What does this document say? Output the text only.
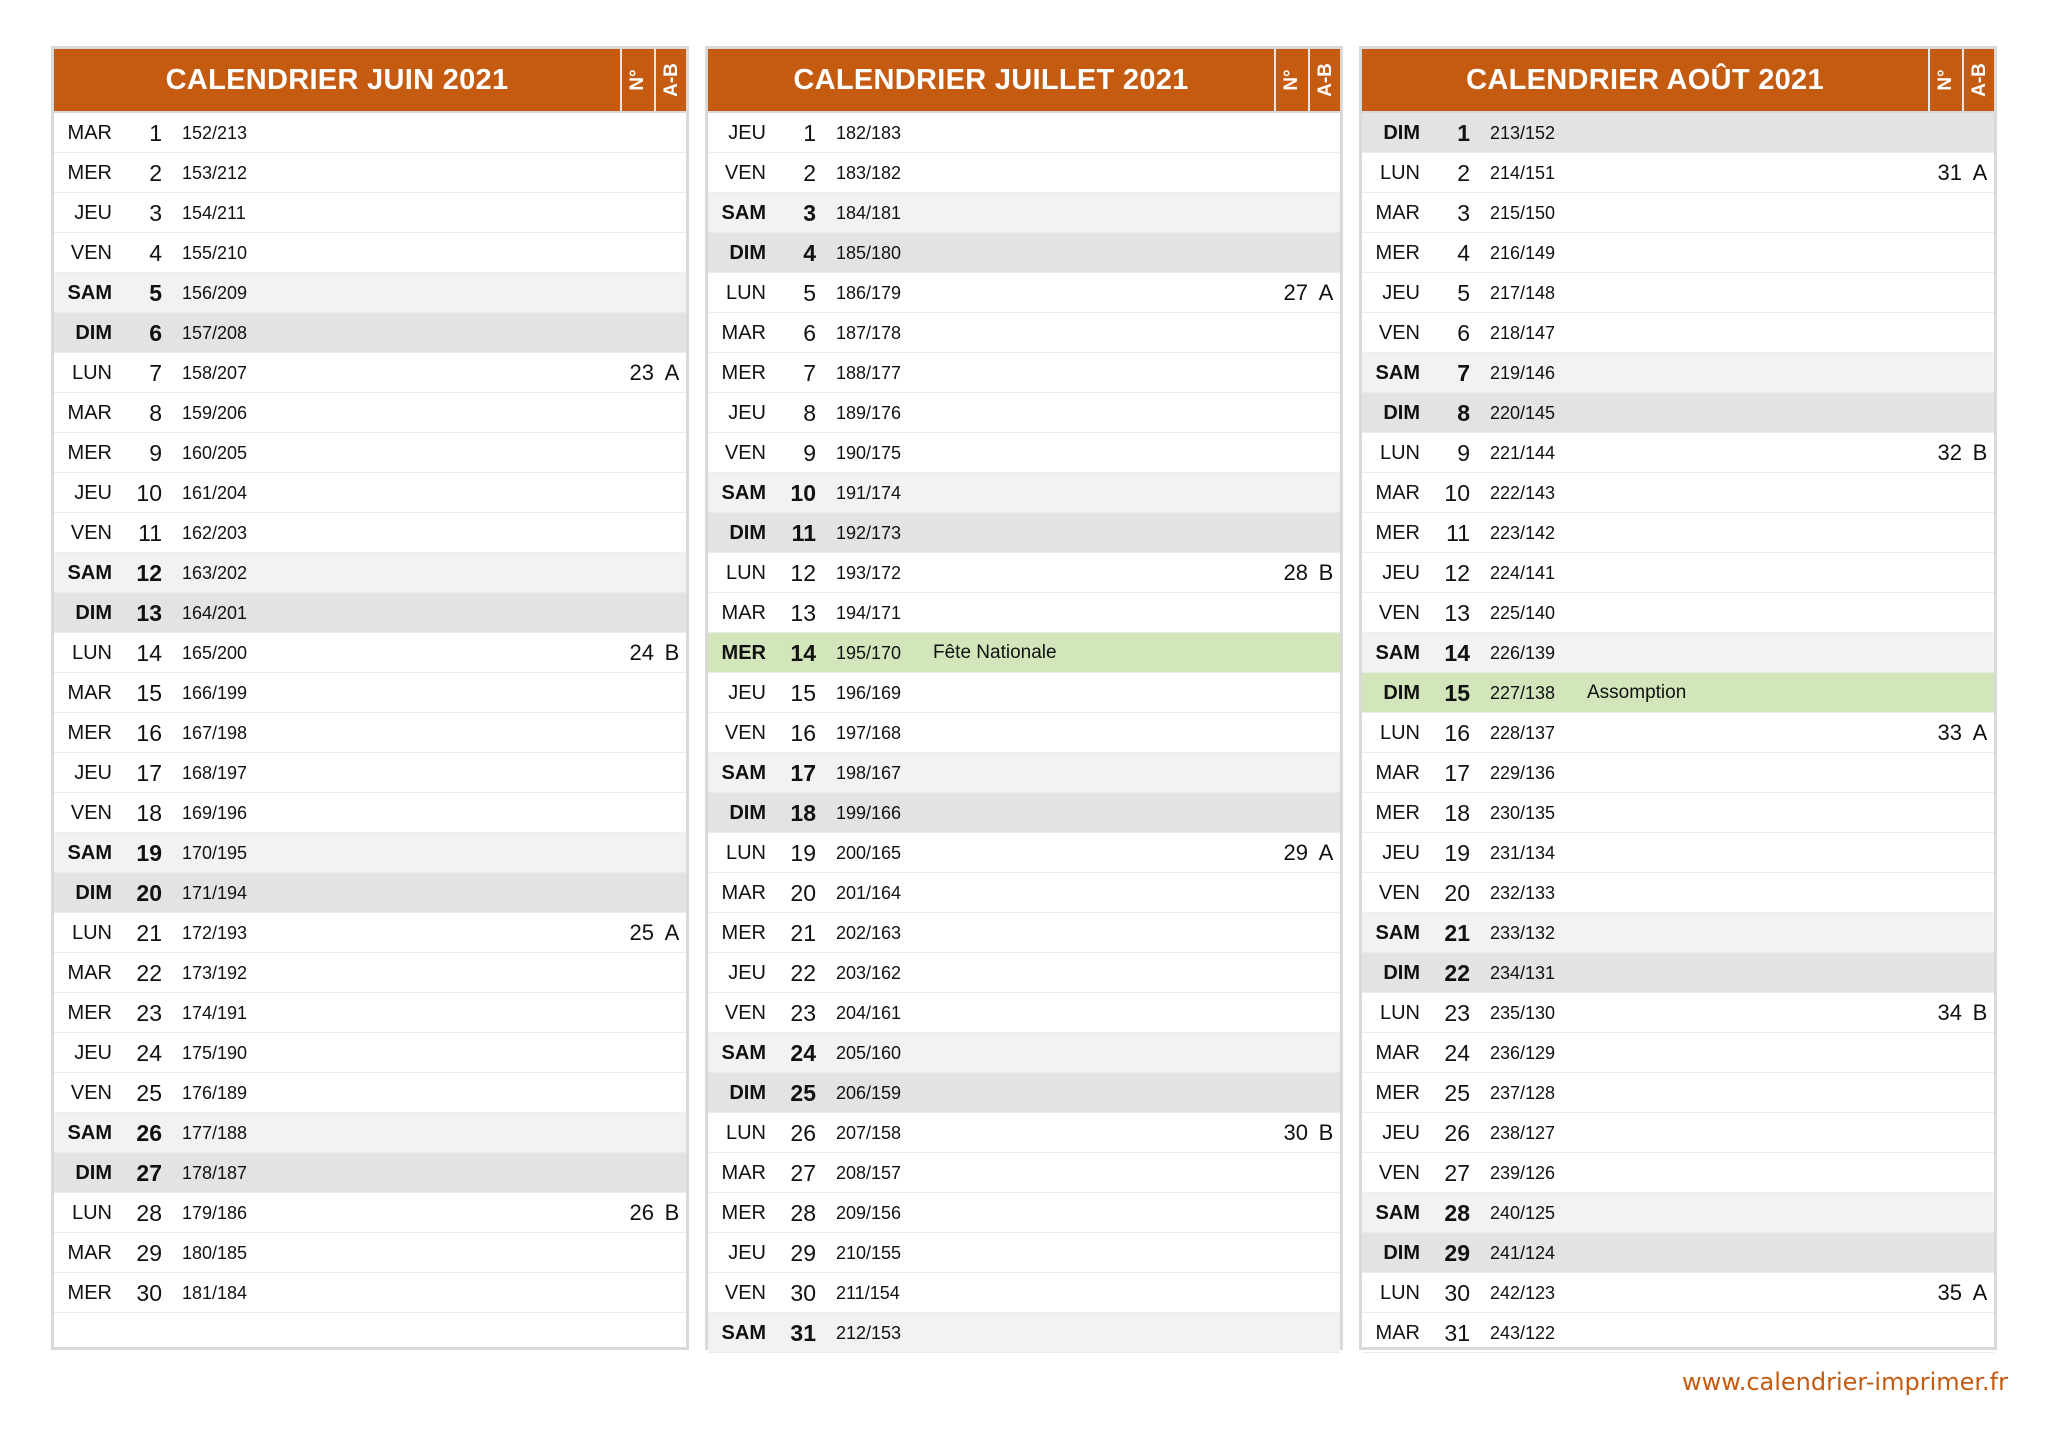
CALENDRIER JUIN 2021	N° A-B
MAR	1 152/213
MER	2 153/212
JEU	3 154/211
VEN	4 155/210
SAM	5 156/209
DIM	6 157/208
LUN	7 158/207	23 A
MAR	8 159/206
MER	9 160/205
JEU	10 161/204
VEN	11 162/203
SAM	12 163/202
DIM	13 164/201
LUN	14 165/200	24 B
MAR	15 166/199
MER	16 167/198
JEU	17 168/197
VEN	18 169/196
SAM	19 170/195
DIM	20 171/194
LUN	21 172/193	25 A
MAR	22 173/192
MER	23 174/191
JEU	24 175/190
VEN	25 176/189
SAM	26 177/188
DIM	27 178/187
LUN	28 179/186	26 B
MAR	29 180/185
MER	30 181/184
CALENDRIER JUILLET 2021	N° A-B
JEU	1 182/183
VEN	2 183/182
SAM	3 184/181
DIM	4 185/180
LUN	5 186/179	27 A
MAR	6 187/178
MER	7 188/177
JEU	8 189/176
VEN	9 190/175
SAM	10 191/174
DIM	11 192/173
LUN	12 193/172	28 B
MAR	13 194/171
MER	14 195/170 Fête Nationale
JEU	15 196/169
VEN	16 197/168
SAM	17 198/167
DIM	18 199/166
LUN	19 200/165	29 A
MAR	20 201/164
MER	21 202/163
JEU	22 203/162
VEN	23 204/161
SAM	24 205/160
DIM	25 206/159
LUN	26 207/158	30 B
MAR	27 208/157
MER	28 209/156
JEU	29 210/155
VEN	30 211/154
SAM	31 212/153
CALENDRIER AOÛT 2021	N° A-B
DIM	1 213/152
LUN	2 214/151	31 A
MAR	3 215/150
MER	4 216/149
JEU	5 217/148
VEN	6 218/147
SAM	7 219/146
DIM	8 220/145
LUN	9 221/144	32 B
MAR	10 222/143
MER	11 223/142
JEU	12 224/141
VEN	13 225/140
SAM	14 226/139
DIM	15 227/138 Assomption
LUN	16 228/137	33 A
MAR	17 229/136
MER	18 230/135
JEU	19 231/134
VEN	20 232/133
SAM	21 233/132
DIM	22 234/131
LUN	23 235/130	34 B
MAR	24 236/129
MER	25 237/128
JEU	26 238/127
VEN	27 239/126
SAM	28 240/125
DIM	29 241/124
LUN	30 242/123	35 A
MAR	31 243/122
www.calendrier-imprimer.fr
